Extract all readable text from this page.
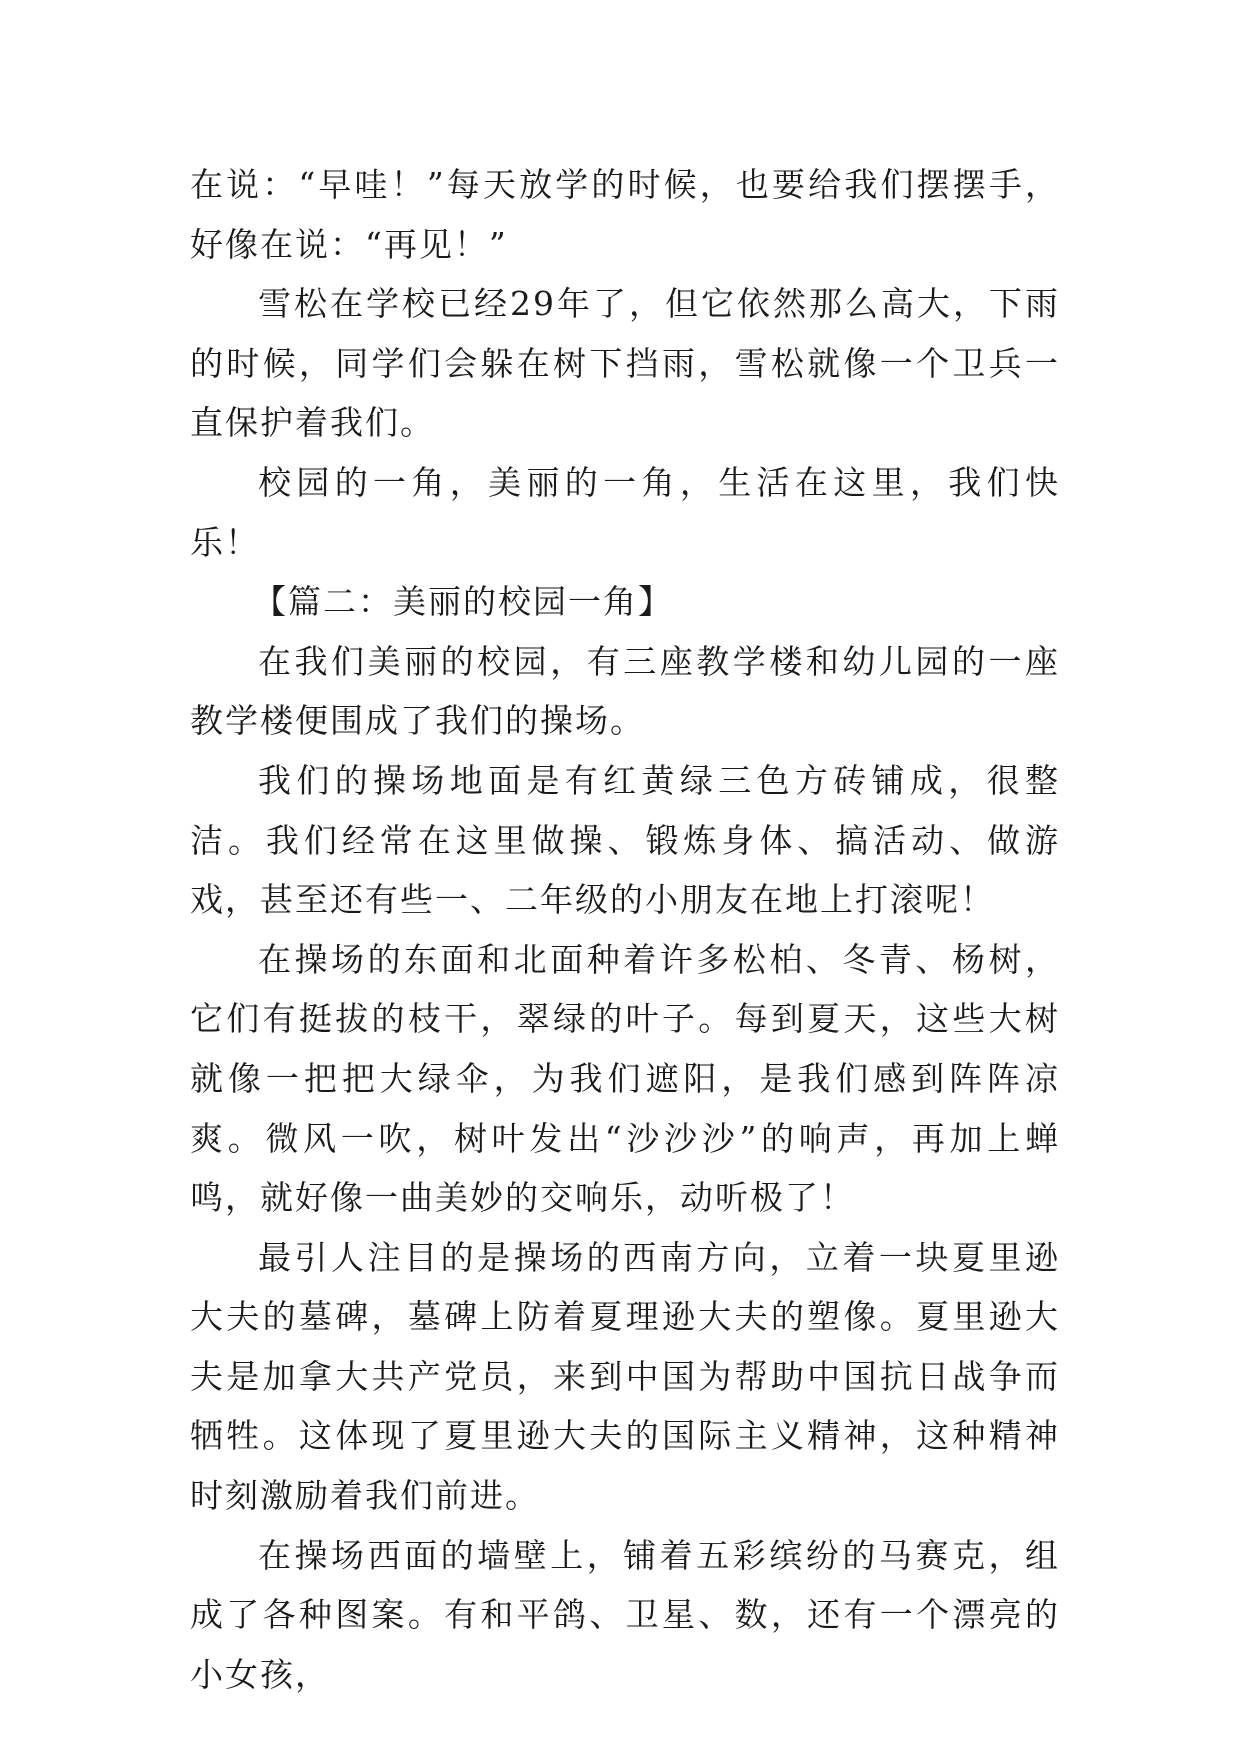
在说：“早哇！”每天放学的时候，也要给我们摆摆手，好像在说：“再见！”

雪松在学校已经29年了，但它依然那么高大，下雨的时候，同学们会躲在树下挡雨，雪松就像一个卫兵一直保护着我们。

校园的一角，美丽的一角，生活在这里，我们快乐！

【篇二：美丽的校园一角】

在我们美丽的校园，有三座教学楼和幼儿园的一座教学楼便围成了我们的操场。

我们的操场地面是有红黄绿三色方砖铺成，很整洁。我们经常在这里做操、锻炼身体、搞活动、做游戏，甚至还有些一、二年级的小朋友在地上打滚呢！

在操场的东面和北面种着许多松柏、冬青、杨树，它们有挺拔的枝干，翠绿的叶子。每到夏天，这些大树就像一把把大绿伞，为我们遮阳，是我们感到阵阵凉爽。微风一吹，树叶发出“沙沙沙”的响声，再加上蝉鸣，就好像一曲美妙的交响乐，动听极了！

最引人注目的是操场的西南方向，立着一块夏里逊大夫的墓碑，墓碑上防着夏理逊大夫的塑像。夏里逊大夫是加拿大共产党员，来到中国为帮助中国抗日战争而牺牲。这体现了夏里逊大夫的国际主义精神，这种精神时刻激励着我们前进。

在操场西面的墙壁上，铺着五彩缤纷的马赛克，组成了各种图案。有和平鸽、卫星、数，还有一个漂亮的小女孩，
